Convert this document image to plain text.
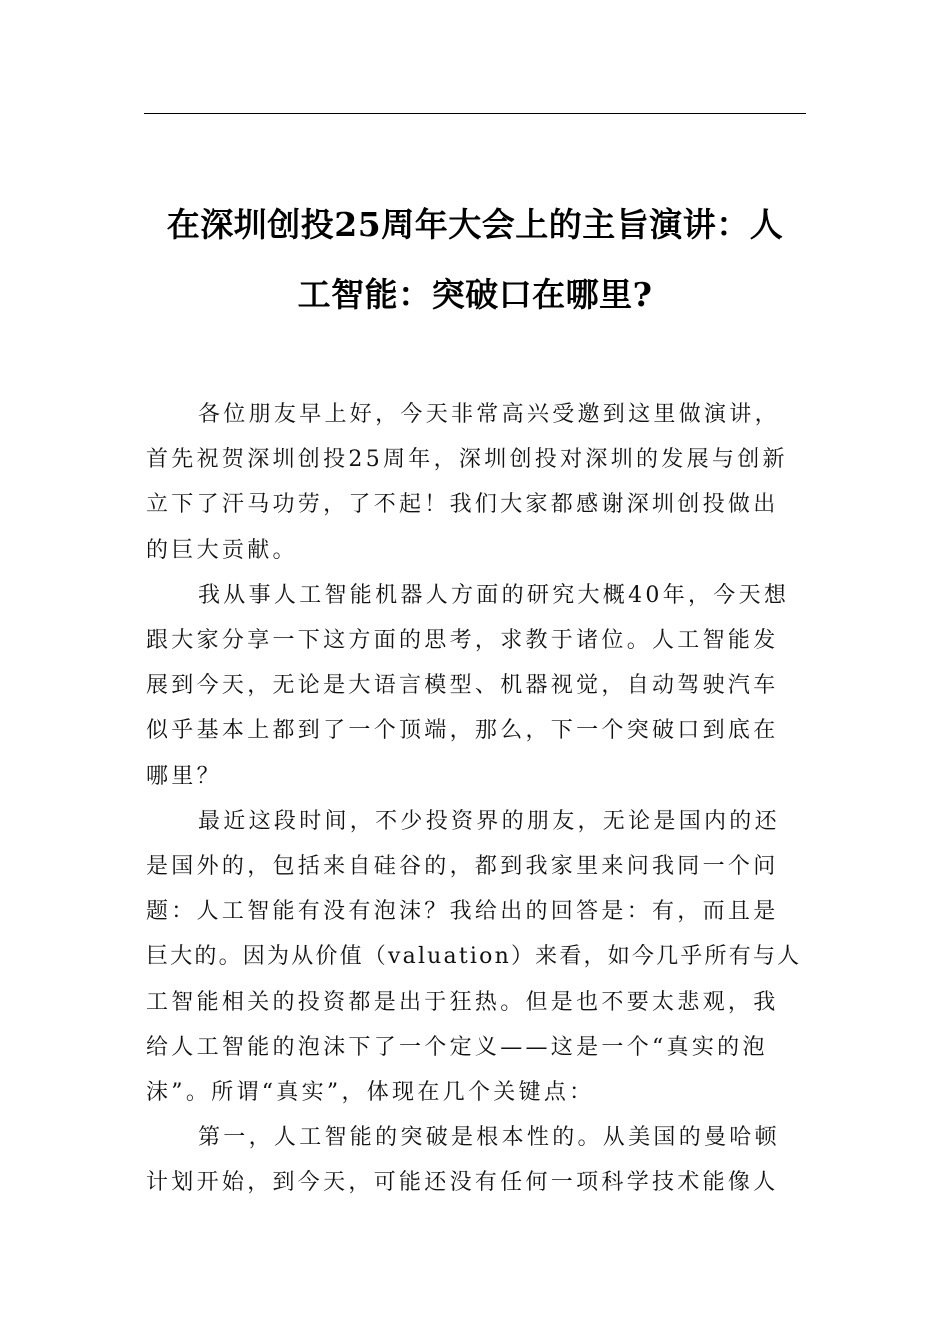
在深圳创投25周年大会上的主旨演讲：人
工智能：突破口在哪里?

各位朋友早上好，今天非常高兴受邀到这里做演讲，
首先祝贺深圳创投25周年，深圳创投对深圳的发展与创新
立下了汗马功劳，了不起！我们大家都感谢深圳创投做出
的巨大贡献。

我从事人工智能机器人方面的研究大概40年，今天想
跟大家分享一下这方面的思考，求教于诸位。人工智能发
展到今天，无论是大语言模型、机器视觉，自动驾驶汽车
似乎基本上都到了一个顶端，那么，下一个突破口到底在
哪里？

最近这段时间，不少投资界的朋友，无论是国内的还
是国外的，包括来自硅谷的，都到我家里来问我同一个问
题：人工智能有没有泡沫？我给出的回答是：有，而且是
巨大的。因为从价值（valuation）来看，如今几乎所有与人
工智能相关的投资都是出于狂热。但是也不要太悲观，我
给人工智能的泡沫下了一个定义——这是一个“真实的泡
沫”。所谓“真实”，体现在几个关键点：

第一，人工智能的突破是根本性的。从美国的曼哈顿
计划开始，到今天，可能还没有任何一项科学技术能像人
